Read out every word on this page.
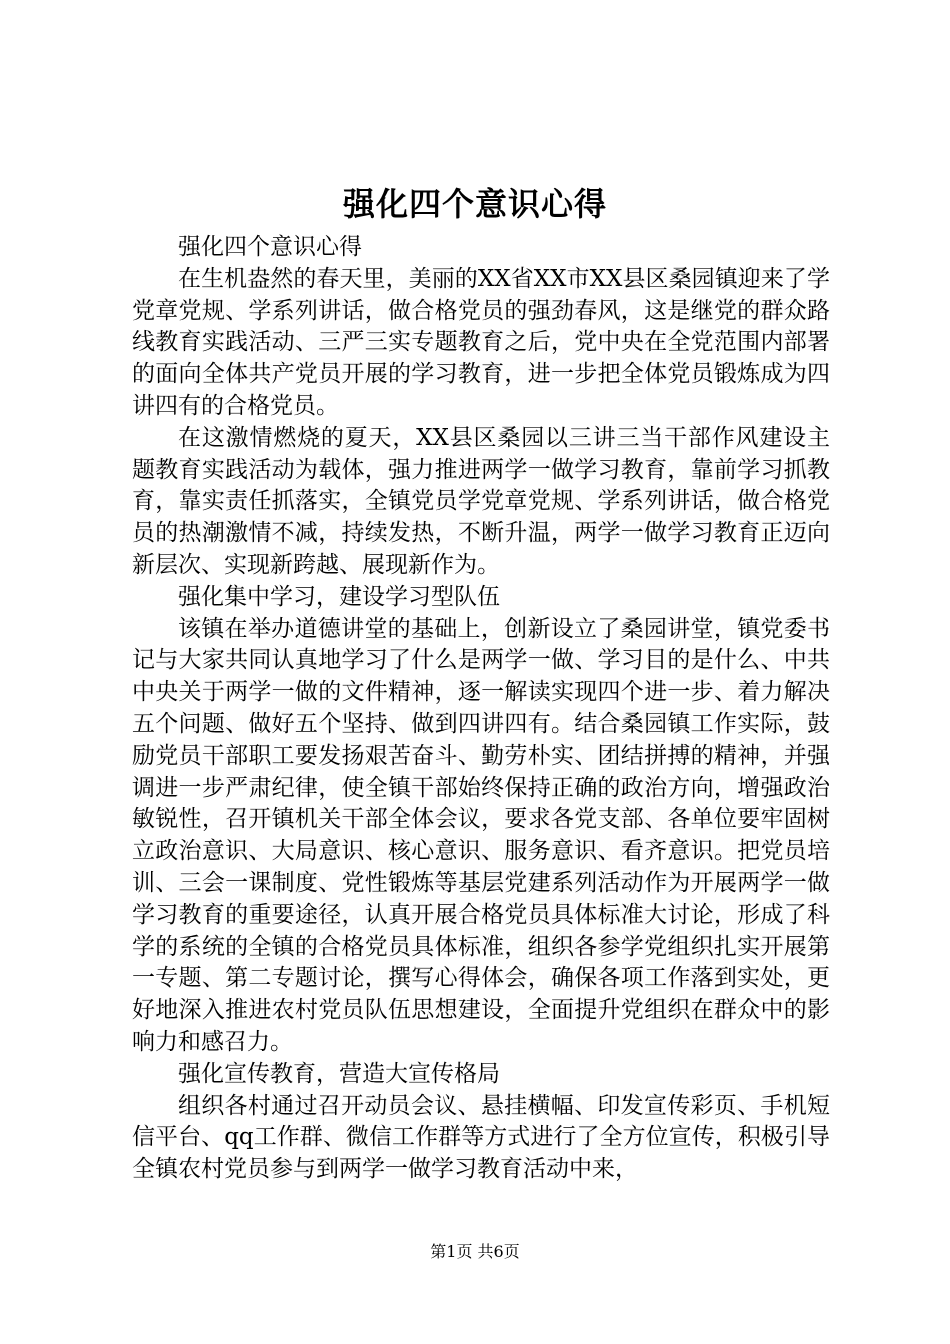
强化四个意识心得

强化四个意识心得

在生机盎然的春天里，美丽的XX省XX市XX县区桑园镇迎来了学党章党规、学系列讲话，做合格党员的强劲春风，这是继党的群众路线教育实践活动、三严三实专题教育之后，党中央在全党范围内部署的面向全体共产党员开展的学习教育，进一步把全体党员锻炼成为四讲四有的合格党员。

在这激情燃烧的夏天，XX县区桑园以三讲三当干部作风建设主题教育实践活动为载体，强力推进两学一做学习教育，靠前学习抓教育，靠实责任抓落实，全镇党员学党章党规、学系列讲话，做合格党员的热潮激情不减，持续发热，不断升温，两学一做学习教育正迈向新层次、实现新跨越、展现新作为。

强化集中学习，建设学习型队伍

该镇在举办道德讲堂的基础上，创新设立了桑园讲堂，镇党委书记与大家共同认真地学习了什么是两学一做、学习目的是什么、中共中央关于两学一做的文件精神，逐一解读实现四个进一步、着力解决五个问题、做好五个坚持、做到四讲四有。结合桑园镇工作实际，鼓励党员干部职工要发扬艰苦奋斗、勤劳朴实、团结拼搏的精神，并强调进一步严肃纪律，使全镇干部始终保持正确的政治方向，增强政治敏锐性，召开镇机关干部全体会议，要求各党支部、各单位要牢固树立政治意识、大局意识、核心意识、服务意识、看齐意识。把党员培训、三会一课制度、党性锻炼等基层党建系列活动作为开展两学一做学习教育的重要途径，认真开展合格党员具体标准大讨论，形成了科学的系统的全镇的合格党员具体标准，组织各参学党组织扎实开展第一专题、第二专题讨论，撰写心得体会，确保各项工作落到实处，更好地深入推进农村党员队伍思想建设，全面提升党组织在群众中的影响力和感召力。

强化宣传教育，营造大宣传格局

组织各村通过召开动员会议、悬挂横幅、印发宣传彩页、手机短信平台、qq工作群、微信工作群等方式进行了全方位宣传，积极引导全镇农村党员参与到两学一做学习教育活动中来，

第1页 共6页
